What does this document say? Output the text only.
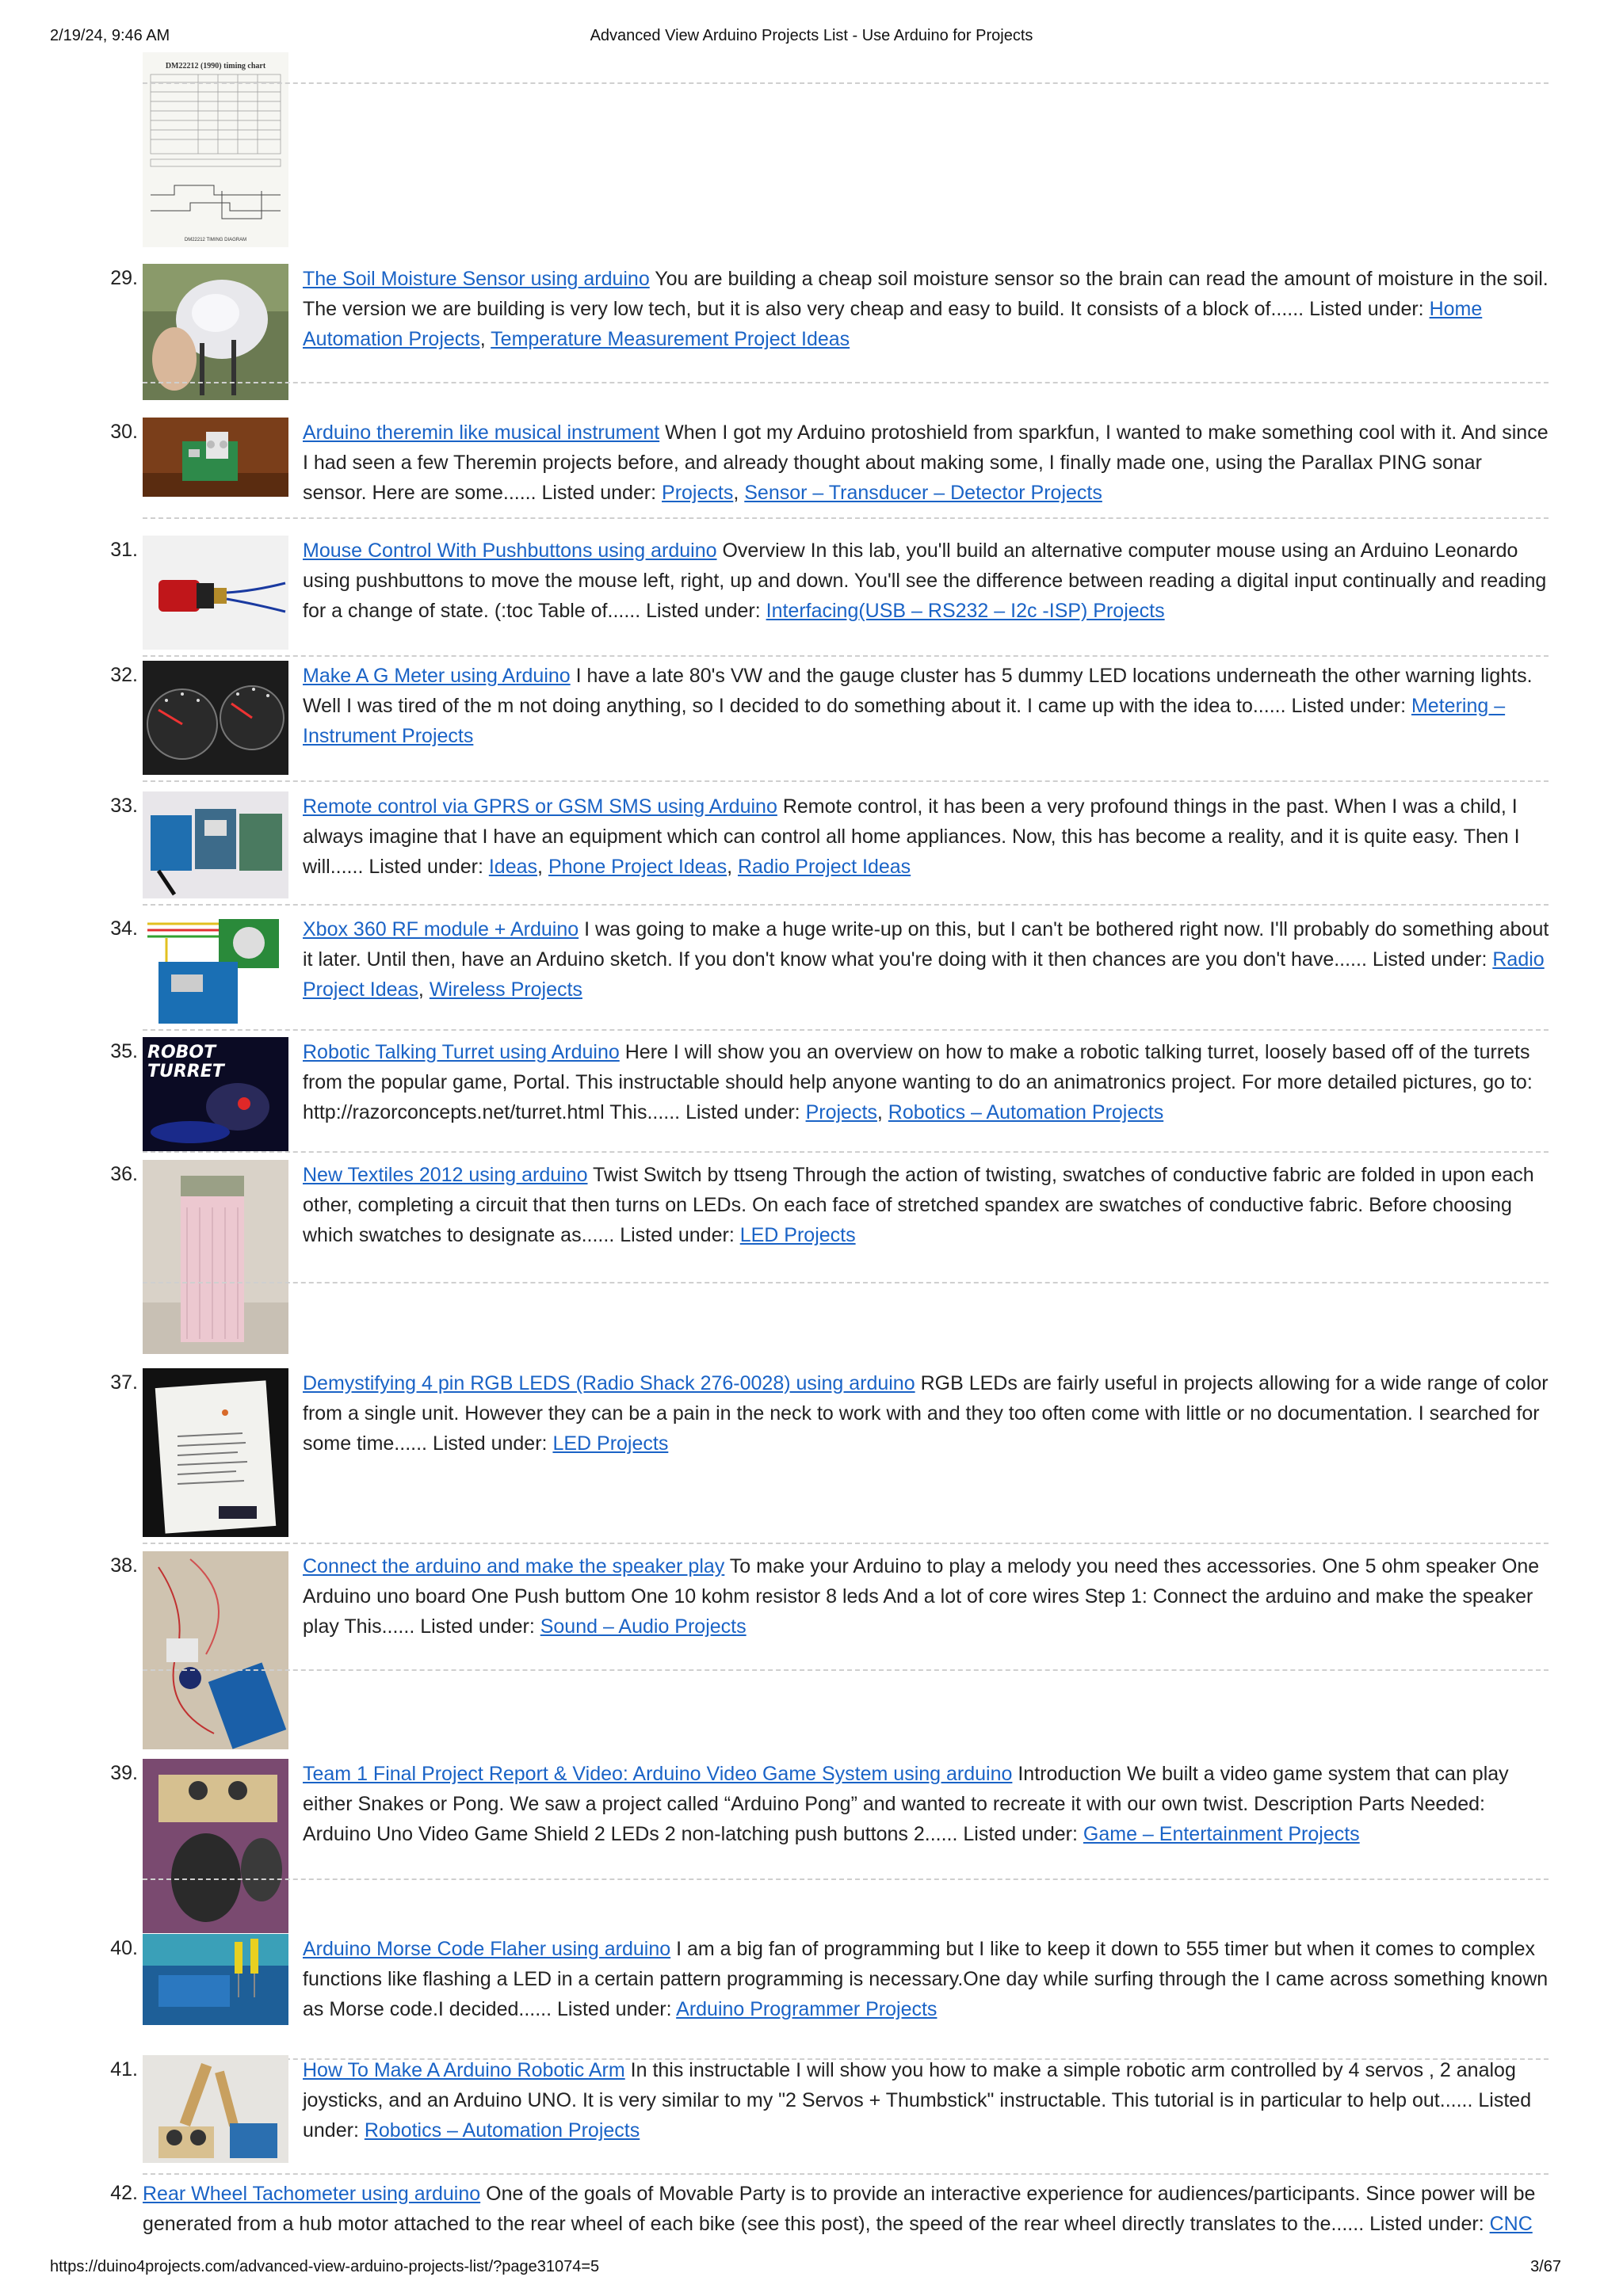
2/19/24, 9:46 AM	Advanced View Arduino Projects List - Use Arduino for Projects
DM22212 (1990) timing chart
DM22212 TIMING DIAGRAM
29.	The Soil Moisture Sensor using arduino You are building a cheap soil moisture sensor so the brain can read the amount of moisture in the soil. The version we are building is very low tech, but it is also very cheap and easy to build. It consists of a block of...... Listed under: Home Automation Projects, Temperature Measurement Project Ideas
30.	Arduino theremin like musical instrument When I got my Arduino protoshield from sparkfun, I wanted to make something cool with it. And since I had seen a few Theremin projects before, and already thought about making some, I finally made one, using the Parallax PING sonar sensor. Here are some...... Listed under: Projects, Sensor – Transducer – Detector Projects
31.	Mouse Control With Pushbuttons using arduino Overview In this lab, you'll build an alternative computer mouse using an Arduino Leonardo using pushbuttons to move the mouse left, right, up and down. You'll see the difference between reading a digital input continually and reading for a change of state. (:toc Table of...... Listed under: Interfacing(USB – RS232 – I2c -ISP) Projects
32.	Make A G Meter using Arduino I have a late 80's VW and the gauge cluster has 5 dummy LED locations underneath the other warning lights. Well I was tired of the m not doing anything, so I decided to do something about it. I came up with the idea to...... Listed under: Metering – Instrument Projects
33.	Remote control via GPRS or GSM SMS using Arduino Remote control, it has been a very profound things in the past. When I was a child, I always imagine that I have an equipment which can control all home appliances. Now, this has become a reality, and it is quite easy. Then I will...... Listed under: Ideas, Phone Project Ideas, Radio Project Ideas
34.	Xbox 360 RF module + Arduino I was going to make a huge write-up on this, but I can't be bothered right now. I'll probably do something about it later. Until then, have an Arduino sketch. If you don't know what you're doing with it then chances are you don't have...... Listed under: Radio Project Ideas, Wireless Projects
35. ROBOT
TURRET
Robotic Talking Turret using Arduino Here I will show you an overview on how to make a robotic talking turret, loosely based off of the turrets from the popular game, Portal. This instructable should help anyone wanting to do an animatronics project. For more detailed pictures, go to: http://razorconcepts.net/turret.html This...... Listed under: Projects, Robotics – Automation Projects
36.	New Textiles 2012 using arduino Twist Switch by ttseng Through the action of twisting, swatches of conductive fabric are folded in upon each other, completing a circuit that then turns on LEDs. On each face of stretched spandex are swatches of conductive fabric. Before choosing which swatches to designate as...... Listed under: LED Projects
37.	Demystifying 4 pin RGB LEDS (Radio Shack 276-0028) using arduino RGB LEDs are fairly useful in projects allowing for a wide range of color from a single unit. However they can be a pain in the neck to work with and they too often come with little or no documentation. I searched for some time...... Listed under: LED Projects
38.	Connect the arduino and make the speaker play To make your Arduino to play a melody you need thes accessories. One 5 ohm speaker One Arduino uno board One Push buttom One 10 kohm resistor 8 leds And a lot of core wires Step 1: Connect the arduino and make the speaker play This...... Listed under: Sound – Audio Projects
39.	Team 1 Final Project Report & Video: Arduino Video Game System using arduino Introduction We built a video game system that can play either Snakes or Pong. We saw a project called “Arduino Pong” and wanted to recreate it with our own twist. Description Parts Needed: Arduino Uno Video Game Shield 2 LEDs 2 non-latching push buttons 2...... Listed under: Game – Entertainment Projects
40.	Arduino Morse Code Flaher using arduino I am a big fan of programming but I like to keep it down to 555 timer but when it comes to complex functions like flashing a LED in a certain pattern programming is necessary.One day while surfing through the I came across something known as Morse code.I decided...... Listed under: Arduino Programmer Projects
41.	How To Make A Arduino Robotic Arm In this instructable I will show you how to make a simple robotic arm controlled by 4 servos , 2 analog joysticks, and an Arduino UNO. It is very similar to my "2 Servos + Thumbstick" instructable. This tutorial is in particular to help out...... Listed under: Robotics – Automation Projects
42. Rear Wheel Tachometer using arduino One of the goals of Movable Party is to provide an interactive experience for audiences/participants. Since power will be generated from a hub motor attached to the rear wheel of each bike (see this post), the speed of the rear wheel directly translates to the...... Listed under: CNC
https://duino4projects.com/advanced-view-arduino-projects-list/?page31074=5	3/67
